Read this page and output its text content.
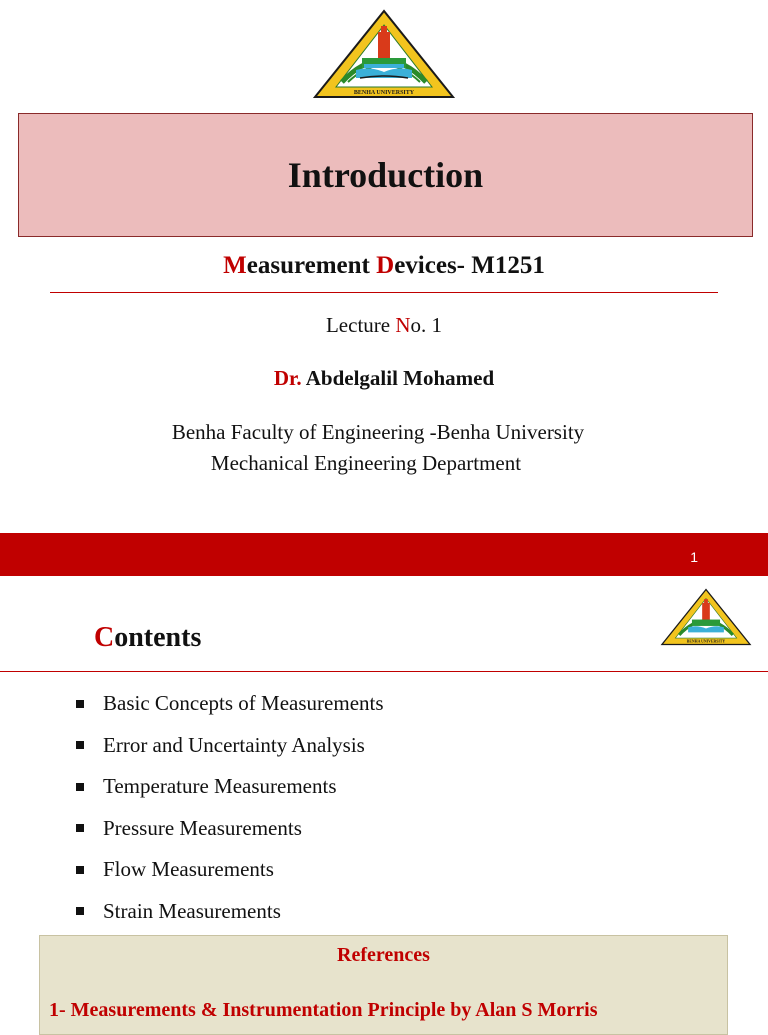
BENHA UNIVERSITY
Introduction
Measurement Devices- M1251
Lecture No. 1
Dr. Abdelgalil Mohamed
Benha Faculty of Engineering -Benha University
Mechanical Engineering Department
1
Contents	BENHA UNIVERSITY
Basic Concepts of Measurements
Error and Uncertainty Analysis
Temperature Measurements
Pressure Measurements
Flow Measurements
Strain Measurements
References
1- Measurements & Instrumentation Principle by Alan S Morris
